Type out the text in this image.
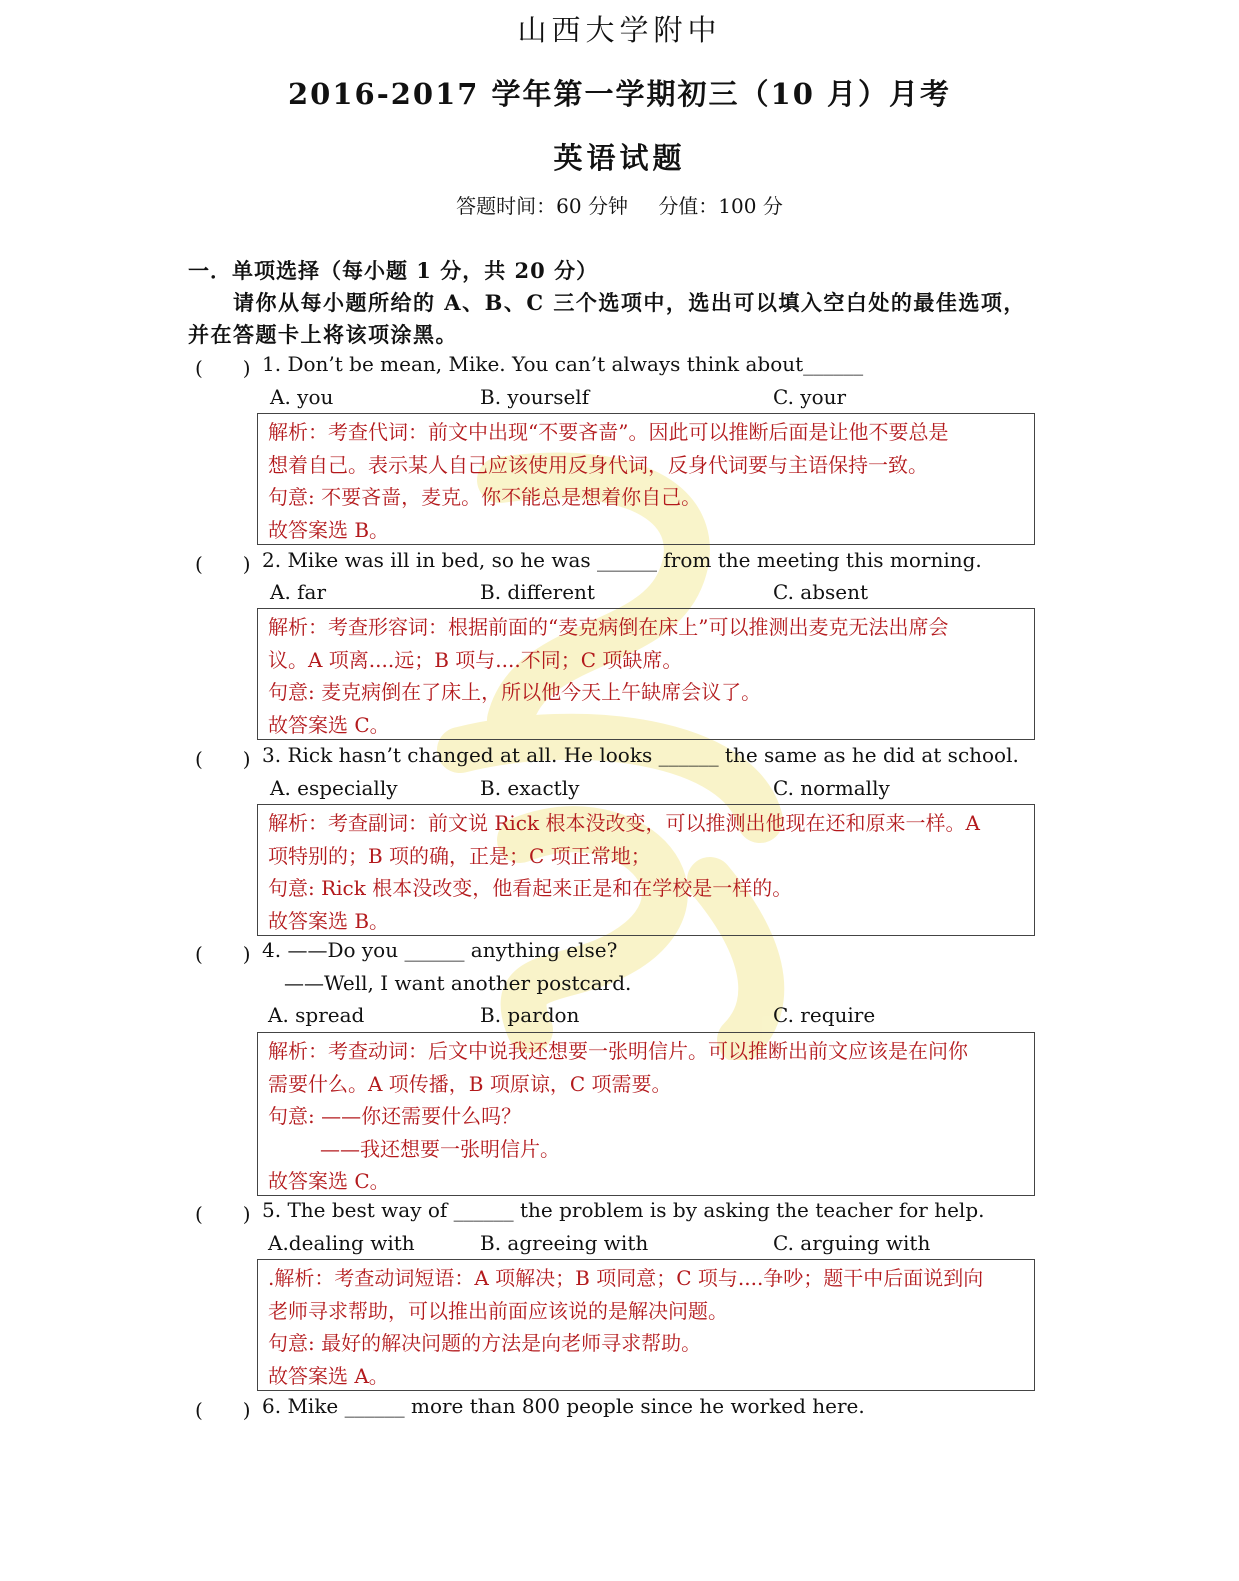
山西大学附中
2016-2017 学年第一学期初三（10 月）月考
英语试题
答题时间：60 分钟 分值：100 分
一．单项选择（每小题 1 分，共 20 分）
请你从每小题所给的 A、B、C 三个选项中，选出可以填入空白处的最佳选项，
并在答题卡上将该项涂黑。
(　　) 1. Don’t be mean, Mike. You can’t always think about______
A. you	B. yourself	C. your
解析：考查代词：前文中出现“不要吝啬”。因此可以推断后面是让他不要总是
想着自己。表示某人自己应该使用反身代词，反身代词要与主语保持一致。
句意: 不要吝啬，麦克。你不能总是想着你自己。
故答案选 B。
(　　) 2. Mike was ill in bed, so he was ______ from the meeting this morning.
A. far	B. different	C. absent
解析：考查形容词：根据前面的“麦克病倒在床上”可以推测出麦克无法出席会
议。A 项离....远；B 项与....不同；C 项缺席。
句意: 麦克病倒在了床上，所以他今天上午缺席会议了。
故答案选 C。
(　　) 3. Rick hasn’t changed at all. He looks ______ the same as he did at school.
A. especially	B. exactly	C. normally
解析：考查副词：前文说 Rick 根本没改变，可以推测出他现在还和原来一样。A
项特别的；B 项的确，正是；C 项正常地；
句意: Rick 根本没改变，他看起来正是和在学校是一样的。
故答案选 B。
(　　) 4. ——Do you ______ anything else?
——Well, I want another postcard.
A. spread	B. pardon	C. require
解析：考查动词：后文中说我还想要一张明信片。可以推断出前文应该是在问你
需要什么。A 项传播，B 项原谅，C 项需要。
句意: ——你还需要什么吗？
——我还想要一张明信片。
故答案选 C。
(　　) 5. The best way of ______ the problem is by asking the teacher for help.
A.dealing with	B. agreeing with	C. arguing with
.解析：考查动词短语：A 项解决；B 项同意；C 项与....争吵；题干中后面说到向
老师寻求帮助，可以推出前面应该说的是解决问题。
句意: 最好的解决问题的方法是向老师寻求帮助。
故答案选 A。
(　　) 6. Mike ______ more than 800 people since he worked here.
